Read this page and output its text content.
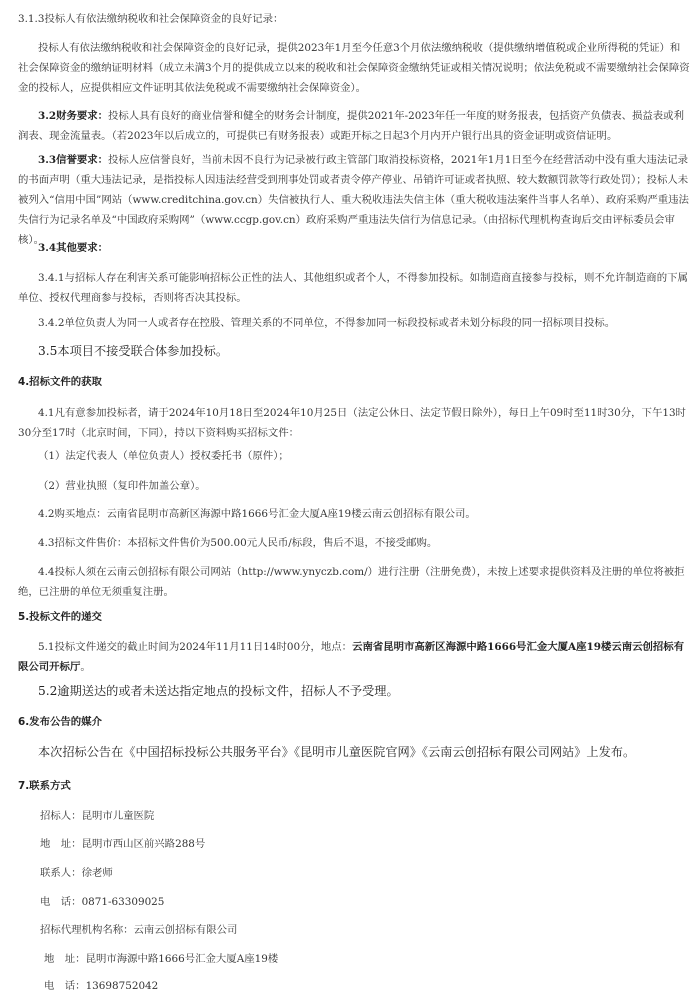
3.1.3投标人有依法缴纳税收和社会保障资金的良好记录：

投标人有依法缴纳税收和社会保障资金的良好记录，提供2023年1月至今任意3个月依法缴纳税收（提供缴纳增值税或企业所得税的凭证）和社会保障资金的缴纳证明材料（成立未满3个月的提供成立以来的税收和社会保障资金缴纳凭证或相关情况说明；依法免税或不需要缴纳社会保障资金的投标人，应提供相应文件证明其依法免税或不需要缴纳社会保障资金）。

3.2财务要求：投标人具有良好的商业信誉和健全的财务会计制度，提供2021年-2023年任一年度的财务报表，包括资产负债表、损益表或利润表、现金流量表。（若2023年以后成立的，可提供已有财务报表）或距开标之日起3个月内开户银行出具的资金证明或资信证明。

3.3信誉要求：投标人应信誉良好，当前未因不良行为记录被行政主管部门取消投标资格，2021年1月1日至今在经营活动中没有重大违法记录的书面声明（重大违法记录，是指投标人因违法经营受到刑事处罚或者责令停产停业、吊销许可证或者执照、较大数额罚款等行政处罚）；投标人未被列入“信用中国”网站（www.creditchina.gov.cn）失信被执行人、重大税收违法失信主体（重大税收违法案件当事人名单）、政府采购严重违法失信行为记录名单及“中国政府采购网”（www.ccgp.gov.cn）政府采购严重违法失信行为信息记录。（由招标代理机构查询后交由评标委员会审核）。

3.4其他要求：

3.4.1与招标人存在利害关系可能影响招标公正性的法人、其他组织或者个人，不得参加投标。如制造商直接参与投标，则不允许制造商的下属单位、授权代理商参与投标，否则将否决其投标。

3.4.2单位负责人为同一人或者存在控股、管理关系的不同单位，不得参加同一标段投标或者未划分标段的同一招标项目投标。

3.5本项目不接受联合体参加投标。

4.招标文件的获取

4.1凡有意参加投标者，请于2024年10月18日至2024年10月25日（法定公休日、法定节假日除外），每日上午09时至11时30分，下午13时30分至17时（北京时间，下同），持以下资料购买招标文件：

（1）法定代表人（单位负责人）授权委托书（原件）；

（2）营业执照（复印件加盖公章）。

4.2购买地点：云南省昆明市高新区海源中路1666号汇金大厦A座19楼云南云创招标有限公司。

4.3招标文件售价：本招标文件售价为500.00元人民币/标段，售后不退，不接受邮购。

4.4投标人须在云南云创招标有限公司网站（http://www.ynyczb.com/）进行注册（注册免费），未按上述要求提供资料及注册的单位将被拒绝，已注册的单位无须重复注册。

5.投标文件的递交

5.1投标文件递交的截止时间为2024年11月11日14时00分，地点：云南省昆明市高新区海源中路1666号汇金大厦A座19楼云南云创招标有限公司开标厅。

5.2逾期送达的或者未送达指定地点的投标文件，招标人不予受理。

6.发布公告的媒介

本次招标公告在《中国招标投标公共服务平台》《昆明市儿童医院官网》《云南云创招标有限公司网站》上发布。

7.联系方式

招标人：昆明市儿童医院

地　址：昆明市西山区前兴路288号

联系人：徐老师

电　话：0871-63309025

招标代理机构名称：云南云创招标有限公司

地　址：昆明市海源中路1666号汇金大厦A座19楼

电　话：13698752042
